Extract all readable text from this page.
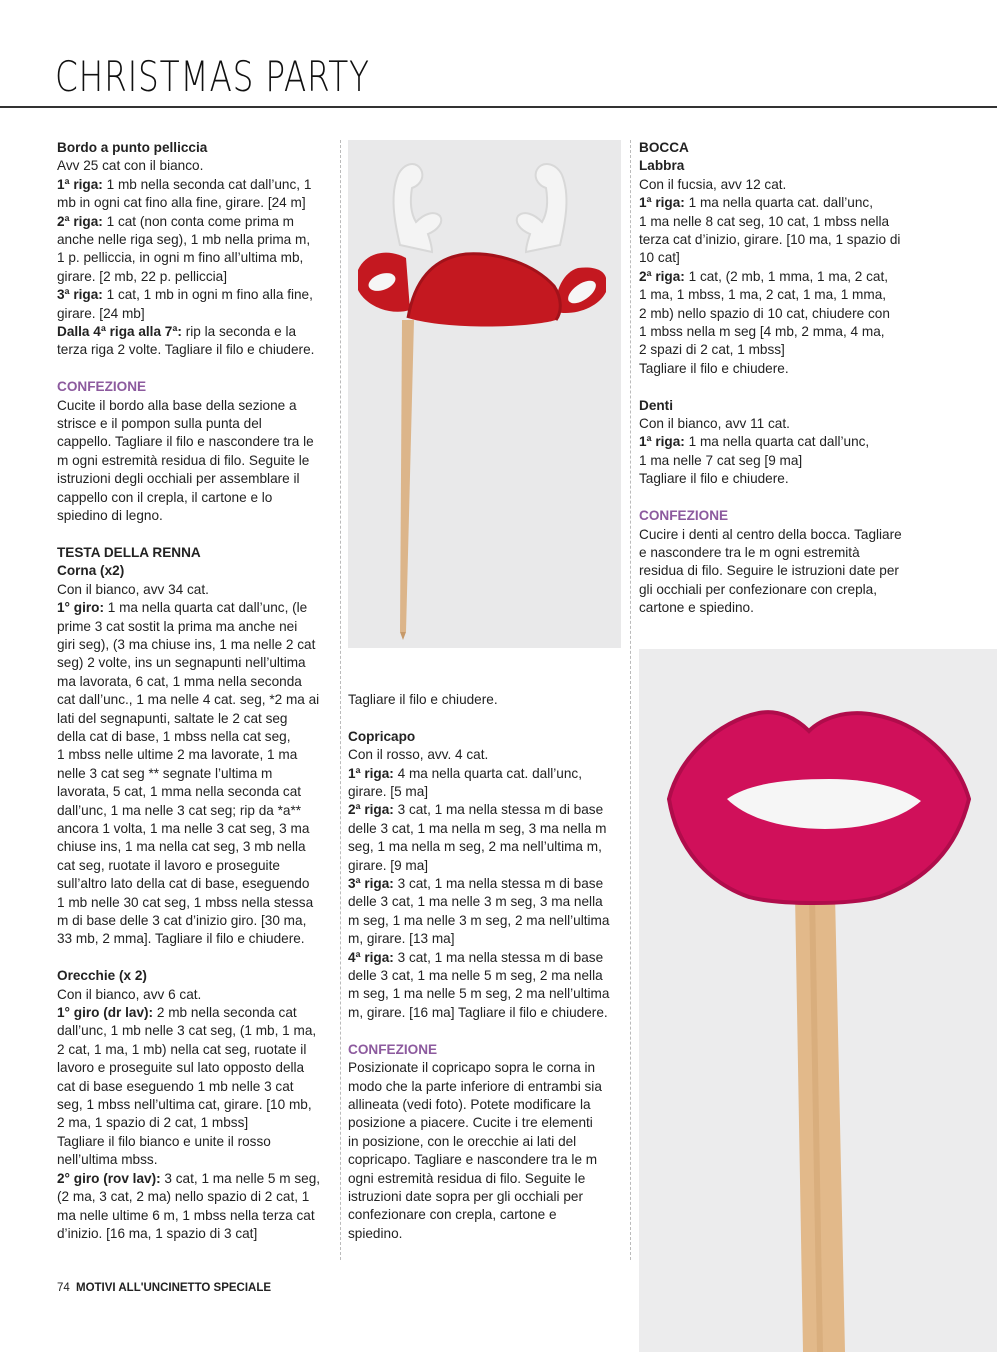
CHRISTMAS PARTY

Bordo a punto pelliccia

Avv 25 cat con il bianco.

1ª riga: 1 mb nella seconda cat dall’unc, 1

mb in ogni cat fino alla fine, girare. [24 m]

2ª riga: 1 cat (non conta come prima m

anche nelle riga seg), 1 mb nella prima m,

1 p. pelliccia, in ogni m fino all’ultima mb,

girare. [2 mb, 22 p. pelliccia]

3ª riga: 1 cat, 1 mb in ogni m fino alla fine,

girare. [24 mb]

Dalla 4ª riga alla 7ª: rip la seconda e la

terza riga 2 volte. Tagliare il filo e chiudere.

CONFEZIONE

Cucite il bordo alla base della sezione a

strisce e il pompon sulla punta del

cappello. Tagliare il filo e nascondere tra le

m ogni estremità residua di filo. Seguite le

istruzioni degli occhiali per assemblare il

cappello con il crepla, il cartone e lo

spiedino di legno.

TESTA DELLA RENNA

Corna (x2)

Con il bianco, avv 34 cat.

1° giro: 1 ma nella quarta cat dall’unc, (le

prime 3 cat sostit la prima ma anche nei

giri seg), (3 ma chiuse ins, 1 ma nelle 2 cat

seg) 2 volte, ins un segnapunti nell’ultima

ma lavorata, 6 cat, 1 mma nella seconda

cat dall’unc., 1 ma nelle 4 cat. seg, *2 ma ai

lati del segnapunti, saltate le 2 cat seg

della cat di base, 1 mbss nella cat seg,

1 mbss nelle ultime 2 ma lavorate, 1 ma

nelle 3 cat seg ** segnate l’ultima m

lavorata, 5 cat, 1 mma nella seconda cat

dall’unc, 1 ma nelle 3 cat seg; rip da *a**

ancora 1 volta, 1 ma nelle 3 cat seg, 3 ma

chiuse ins, 1 ma nella cat seg, 3 mb nella

cat seg, ruotate il lavoro e proseguite

sull’altro lato della cat di base, eseguendo

1 mb nelle 30 cat seg, 1 mbss nella stessa

m di base delle 3 cat d’inizio giro. [30 ma,

33 mb, 2 mma]. Tagliare il filo e chiudere.

Orecchie (x 2)

Con il bianco, avv 6 cat.

1° giro (dr lav): 2 mb nella seconda cat

dall’unc, 1 mb nelle 3 cat seg, (1 mb, 1 ma,

2 cat, 1 ma, 1 mb) nella cat seg, ruotate il

lavoro e proseguite sul lato opposto della

cat di base eseguendo 1 mb nelle 3 cat

seg, 1 mbss nell’ultima cat, girare. [10 mb,

2 ma, 1 spazio di 2 cat, 1 mbss]

Tagliare il filo bianco e unite il rosso

nell’ultima mbss.

2° giro (rov lav): 3 cat, 1 ma nelle 5 m seg,

(2 ma, 3 cat, 2 ma) nello spazio di 2 cat, 1

ma nelle ultime 6 m, 1 mbss nella terza cat

d’inizio. [16 ma, 1 spazio di 3 cat]

Tagliare il filo e chiudere.

Copricapo

Con il rosso, avv. 4 cat.

1ª riga: 4 ma nella quarta cat. dall’unc,

girare. [5 ma]

2ª riga: 3 cat, 1 ma nella stessa m di base

delle 3 cat, 1 ma nella m seg, 3 ma nella m

seg, 1 ma nella m seg, 2 ma nell’ultima m,

girare. [9 ma]

3ª riga: 3 cat, 1 ma nella stessa m di base

delle 3 cat, 1 ma nelle 3 m seg, 3 ma nella

m seg, 1 ma nelle 3 m seg, 2 ma nell’ultima

m, girare. [13 ma]

4ª riga: 3 cat, 1 ma nella stessa m di base

delle 3 cat, 1 ma nelle 5 m seg, 2 ma nella

m seg, 1 ma nelle 5 m seg, 2 ma nell’ultima

m, girare. [16 ma] Tagliare il filo e chiudere.

CONFEZIONE

Posizionate il copricapo sopra le corna in

modo che la parte inferiore di entrambi sia

allineata (vedi foto). Potete modificare la

posizione a piacere. Cucite i tre elementi

in posizione, con le orecchie ai lati del

copricapo. Tagliare e nascondere tra le m

ogni estremità residua di filo. Seguite le

istruzioni date sopra per gli occhiali per

confezionare con crepla, cartone e

spiedino.

BOCCA

Labbra

Con il fucsia, avv 12 cat.

1ª riga: 1 ma nella quarta cat. dall’unc,

1 ma nelle 8 cat seg, 10 cat, 1 mbss nella

terza cat d’inizio, girare. [10 ma, 1 spazio di

10 cat]

2ª riga: 1 cat, (2 mb, 1 mma, 1 ma, 2 cat,

1 ma, 1 mbss, 1 ma, 2 cat, 1 ma, 1 mma,

2 mb) nello spazio di 10 cat, chiudere con

1 mbss nella m seg [4 mb, 2 mma, 4 ma,

2 spazi di 2 cat, 1 mbss]

Tagliare il filo e chiudere.

Denti

Con il bianco, avv 11 cat.

1ª riga: 1 ma nella quarta cat dall’unc,

1 ma nelle 7 cat seg [9 ma]

Tagliare il filo e chiudere.

CONFEZIONE

Cucire i denti al centro della bocca. Tagliare

e nascondere tra le m ogni estremità

residua di filo. Seguire le istruzioni date per

gli occhiali per confezionare con crepla,

cartone e spiedino.

74 MOTIVI ALL'UNCINETTO SPECIALE
